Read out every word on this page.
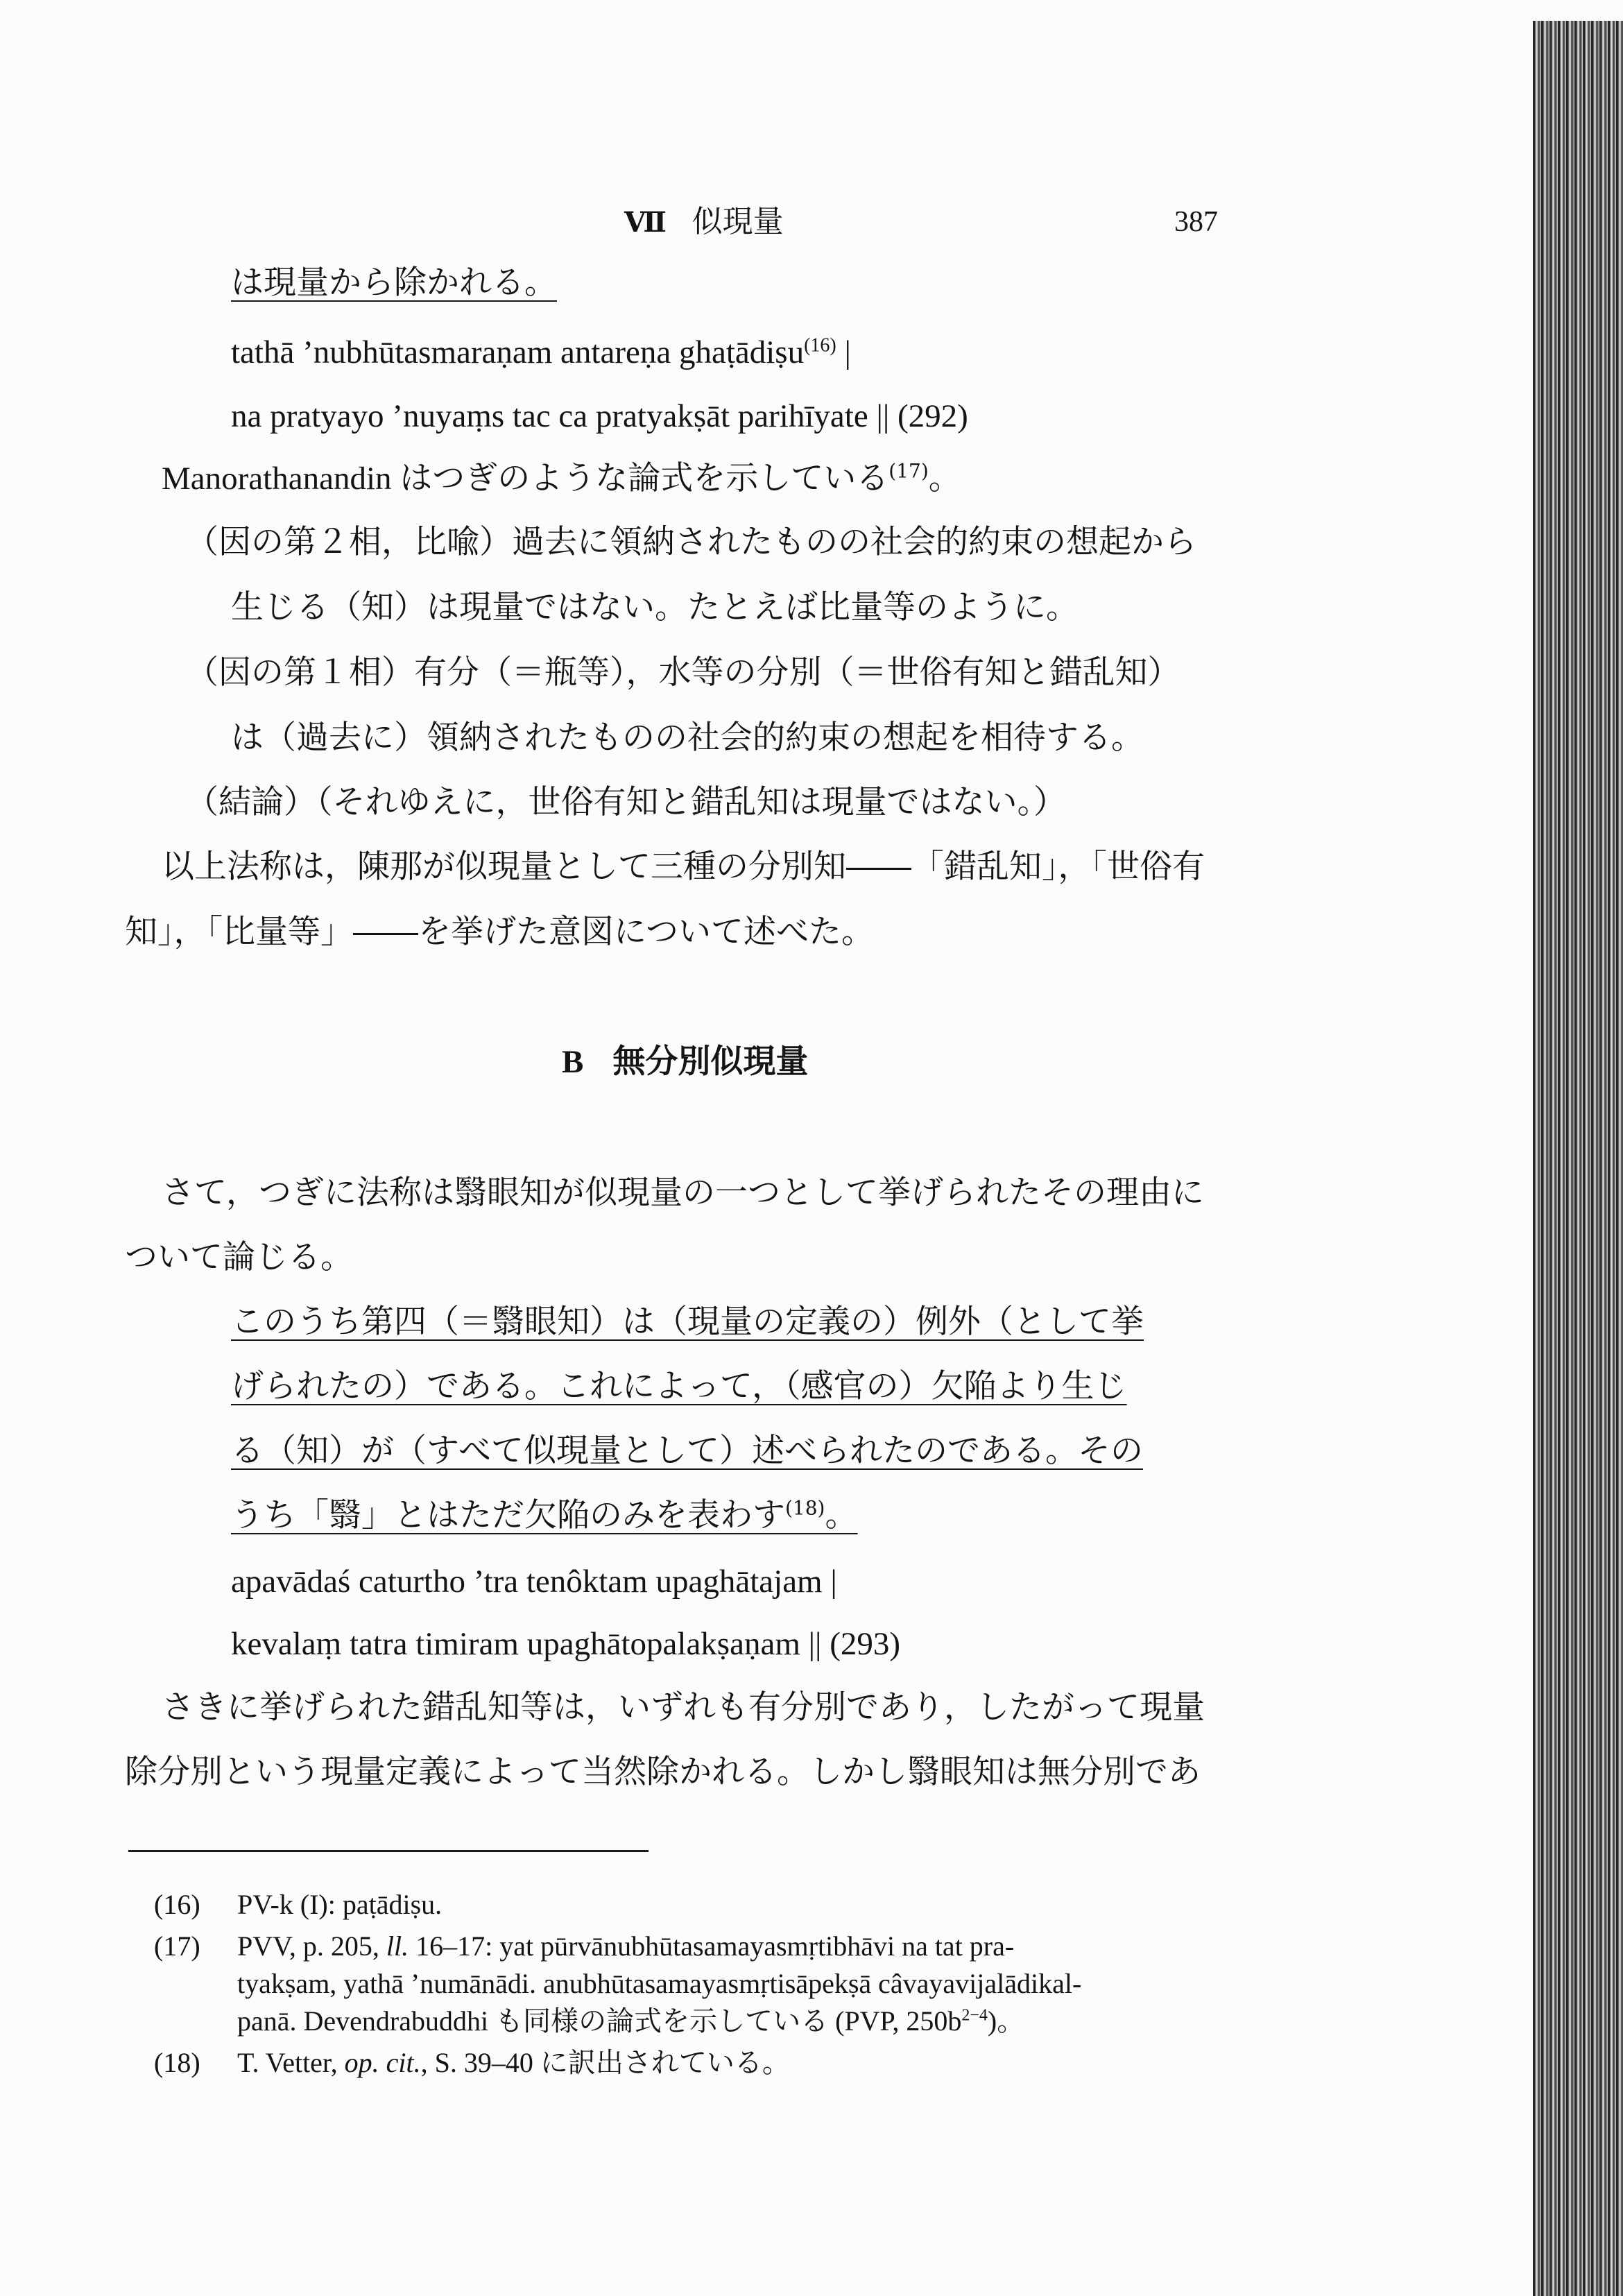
Ⅶ 似現量	387
は現量から除かれる。
tathā ’nubhūtasmaraṇam antareṇa ghaṭādiṣu$^{(16)}$ |
na pratyayo ’nuyaṃs tac ca pratyakṣāt parihīyate || (292)
Manorathanandin はつぎのような論式を示している$^{(17)}$。
（因の第２相，比喩）過去に領納されたものの社会的約束の想起から
生じる（知）は現量ではない。たとえば比量等のように。
（因の第１相）有分（＝瓶等），水等の分別（＝世俗有知と錯乱知）
は（過去に）領納されたものの社会的約束の想起を相待する。
（結論）（それゆえに，世俗有知と錯乱知は現量ではない。）
以上法称は，陳那が似現量として三種の分別知――「錯乱知」，「世俗有
知」，「比量等」――を挙げた意図について述べた。
B 無分別似現量
さて，つぎに法称は翳眼知が似現量の一つとして挙げられたその理由に
ついて論じる。
このうち第四（＝翳眼知）は（現量の定義の）例外（として挙
げられたの）である。これによって，（感官の）欠陥より生じ
る（知）が（すべて似現量として）述べられたのである。その
うち「翳」とはただ欠陥のみを表わす$^{(18)}$。
apavādaś caturtho ’tra tenôktam upaghātajam |
kevalaṃ tatra timiram upaghātopalakṣaṇam || (293)
さきに挙げられた錯乱知等は，いずれも有分別であり，したがって現量
除分別という現量定義によって当然除かれる。しかし翳眼知は無分別であ
(16) PV-k (I): paṭādiṣu.
(17) PVV, p. 205, ll. 16–17: yat pūrvānubhūtasamayasmṛtibhāvi na tat pra-
tyakṣam, yathā ’numānādi. anubhūtasamayasmṛtisāpekṣā câvayavijalādikal-
panā. Devendrabuddhi も同様の論式を示している (PVP, $250b^{2-4}$)。
(18) T. Vetter, op. cit., S. 39–40 に訳出されている。
